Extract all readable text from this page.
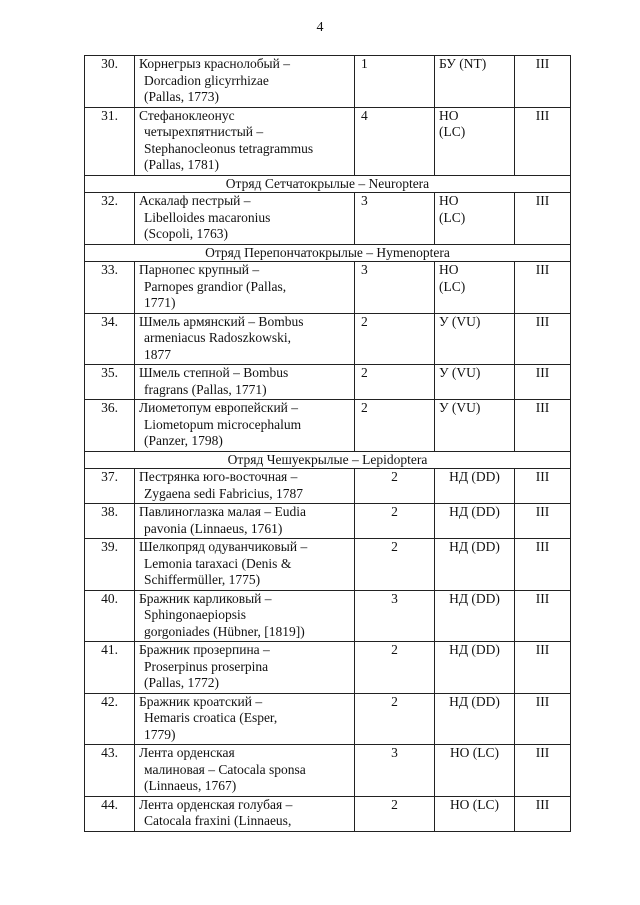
4
30.	Корнегрыз краснолобый –
Dorcadion glicyrrhizae
(Pallas, 1773)	1	БУ (NT)	III
31.	Стефаноклеонус
четырехпятнистый –
Stephanocleonus tetragrammus
(Pallas, 1781)	4	НО
(LC)	III
Отряд Сетчатокрылые – Neuroptera				
32.	Аскалаф пестрый –
Libelloides macaronius
(Scopoli, 1763)	3	НО
(LC)	III
Отряд Перепончатокрылые – Hymenoptera				
33.	Парнопес крупный –
Parnopes grandior (Pallas,
1771)	3	НО
(LC)	III
34.	Шмель армянский – Bombus
armeniacus Radoszkowski,
1877	2	У (VU)	III
35.	Шмель степной – Bombus
fragrans (Pallas, 1771)	2	У (VU)	III
36.	Лиометопум европейский –
Liometopum microcephalum
(Panzer, 1798)	2	У (VU)	III
Отряд Чешуекрылые – Lepidoptera				
37.	Пестрянка юго-восточная –
Zygaena sedi Fabricius, 1787	2	НД (DD)	III
38.	Павлиноглазка малая – Eudia
pavonia (Linnaeus, 1761)	2	НД (DD)	III
39.	Шелкопряд одуванчиковый –
Lemonia taraxaci (Denis &
Schiffermüller, 1775)	2	НД (DD)	III
40.	Бражник карликовый –
Sphingonaepiopsis
gorgoniades (Hübner, [1819])	3	НД (DD)	III
41.	Бражник прозерпина –
Proserpinus proserpina
(Pallas, 1772)	2	НД (DD)	III
42.	Бражник кроатский –
Hemaris croatica (Esper,
1779)	2	НД (DD)	III
43.	Лента орденская
малиновая – Catocala sponsa
(Linnaeus, 1767)	3	НО (LC)	III
44.	Лента орденская голубая –
Catocala fraxini (Linnaeus,	2	НО (LC)	III
